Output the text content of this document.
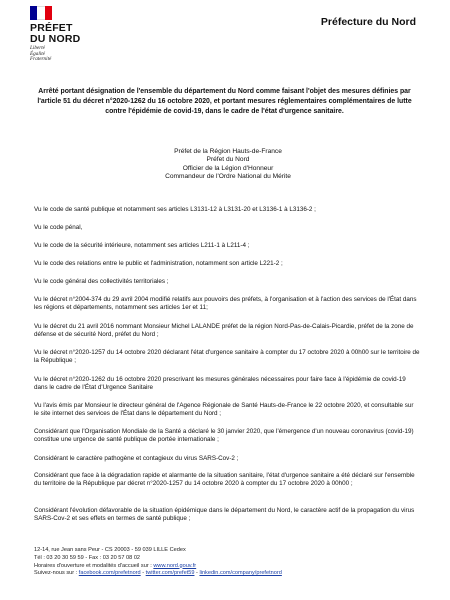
PRÉFET
DU NORD
Liberté
Égalité
Fraternité
Préfecture du Nord
Arrêté portant désignation de l'ensemble du département du Nord comme faisant l'objet des mesures définies par l'article 51 du décret n°2020-1262 du 16 octobre 2020, et portant mesures réglementaires complémentaires de lutte contre l'épidémie de covid-19, dans le cadre de l'état d'urgence sanitaire.
Préfet de la Région Hauts-de-France
Préfet du Nord
Officier de la Légion d'Honneur
Commandeur de l'Ordre National du Mérite
Vu le code de santé publique et notamment ses articles L3131-12 à L3131-20 et L3136-1 à L3136-2 ;
Vu le code pénal,
Vu le code de la sécurité intérieure, notamment ses articles L211-1 à L211-4 ;
Vu le code des relations entre le public et l'administration, notamment son article L221-2 ;
Vu le code général des collectivités territoriales ;
Vu le décret n°2004-374 du 29 avril 2004 modifié relatifs aux pouvoirs des préfets, à l'organisation et à l'action des services de l'État dans les régions et départements, notamment ses articles 1er et 11;
Vu le décret du 21 avril 2016 nommant Monsieur Michel LALANDE préfet de la région Nord-Pas-de-Calais-Picardie, préfet de la zone de défense et de sécurité Nord, préfet du Nord ;
Vu le décret n°2020-1257 du 14 octobre 2020 déclarant l'état d'urgence sanitaire à compter du 17 octobre 2020 à 00h00 sur le territoire de la République ;
Vu le décret n°2020-1262 du 16 octobre 2020 prescrivant les mesures générales nécessaires pour faire face à l'épidémie de covid-19 dans le cadre de l'État d'Urgence Sanitaire
Vu l'avis émis par Monsieur le directeur général de l'Agence Régionale de Santé Hauts-de-France le 22 octobre 2020, et consultable sur le site internet des services de l'État dans le département du Nord ;
Considérant que l'Organisation Mondiale de la Santé a déclaré le 30 janvier 2020, que l'émergence d'un nouveau coronavirus (covid-19) constitue une urgence de santé publique de portée internationale ;
Considérant le caractère pathogène et contagieux du virus SARS-Cov-2 ;
Considérant que face à la dégradation rapide et alarmante de la situation sanitaire, l'état d'urgence sanitaire a été déclaré sur l'ensemble du territoire de la République par décret n°2020-1257 du 14 octobre 2020 à compter du 17 octobre 2020 à 00h00 ;
Considérant l'évolution défavorable de la situation épidémique dans le département du Nord, le caractère actif de la propagation du virus SARS-Cov-2 et ses effets en termes de santé publique ;
12-14, rue Jean sans Peur - CS 20003 - 59 039 LILLE Cedex
Tél : 03 20 30 59 59 - Fax : 03 20 57 08 02
Horaires d'ouverture et modalités d'accueil sur : www.nord.gouv.fr
Suivez-nous sur : facebook.com/prefetnord - twitter.com/prefet59 - linkedin.com/company/prefetnord
